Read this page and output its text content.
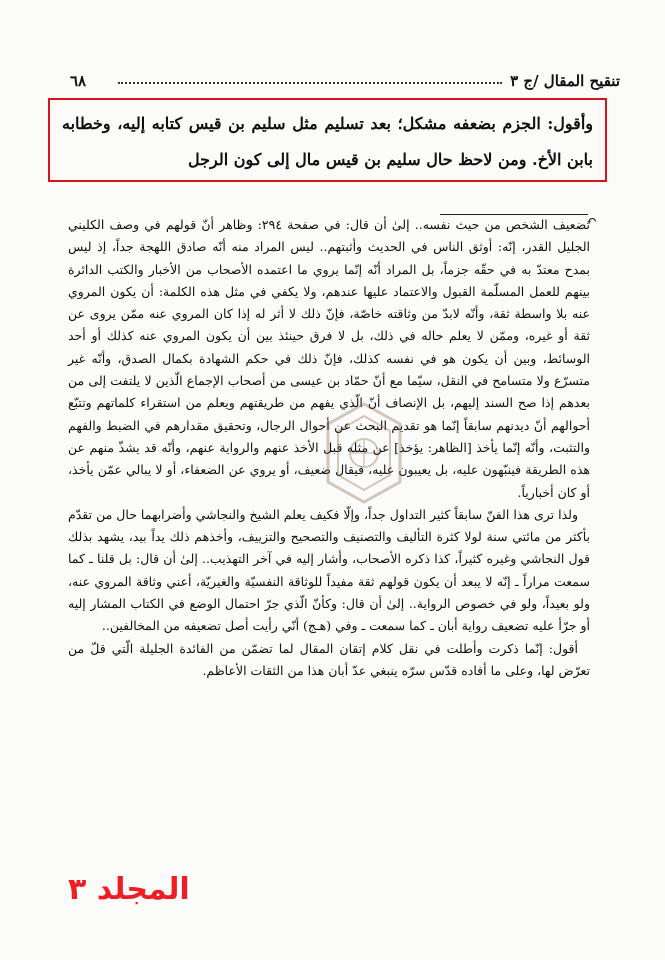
٦٨	تنقيح المقال /ج ٣
وأقول: الجزم بضعفه مشكل؛ بعد تسليم مثل سليم بن قيس كتابه إليه، وخطابه بابن الأخ. ومن لاحظ حال سليم بن قيس مال إلى كون الرجل
↶

تضعيف الشخص من حيث نفسه.. إلىٰ أن قال: في صفحة ٢٩٤: وظاهر أنّ قولهم في وصف الكليني الجليل القدر، إنّه: أوثق الناس في الحديث وأثبتهم.. ليس المراد منه أنّه صادق اللهجة جداً، إذ ليس بمدح معتدّ به في حقّه جزماً، بل المراد أنّه إنّما يروي ما اعتمده الأصحاب من الأخبار والكتب الدائرة بينهم للعمل المسلّمة القبول والاعتماد عليها عندهم، ولا يكفي في مثل هذه الكلمة: أن يكون المروي عنه بلا واسطة ثقة، وأنّه لابدّ من وثاقته خاصّة، فإنّ ذلك لا أثر له إذا كان المروي عنه ممّن يروى عن ثقة أو غيره، وممّن لا يعلم حاله في ذلك، بل لا فرق حينئذ بين أن يكون المروي عنه كذلك أو أحد الوسائط، وبين أن يكون هو في نفسه كذلك، فإنّ ذلك في حكم الشهادة بكمال الصدق، وأنّه غير متسرّع ولا متسامح في النقل، سيّما مع أنّ حمّاد بن عيسى من أصحاب الإجماع الّذين لا يلتفت إلى من بعدهم إذا صح السند إليهم، بل الإنصاف أنّ الّذي يفهم من طريقتهم ويعلم من استقراء كلماتهم وتتبّع أحوالهم أنّ ديدنهم سابقاً إنّما هو تقديم البحث عن أحوال الرجال، وتحقيق مقدارهم في الضبط والفهم والتثبت، وأنّه إنّما يأخذ [الظاهر: يؤخذ] عن مثله قبل الأخذ عنهم والرواية عنهم، وأنّه قد يشذّ منهم عن هذه الطريقة فينبّهون عليه، بل يعيبون عليه، فيقال ضعيف، أو يروي عن الضعفاء، أو لا يبالي عمّن يأخذ، أو كان أخبارياً.

ولذا ترى هذا الفنّ سابقاً كثير التداول جداً، وإلّا فكيف يعلم الشيخ والنجاشي وأضرابهما حال من تقدّم بأكثر من مائتي سنة لولا كثرة التأليف والتصنيف والتصحيح والتزييف، وأخذهم ذلك يداً بيد، يشهد بذلك قول النجاشي وغيره كثيراً، كذا ذكره الأصحاب، وأشار إليه في آخر التهذيب.. إلىٰ أن قال: بل قلنا ـ كما سمعت مراراً ـ إنّه لا يبعد أن يكون قولهم ثقة مفيداً للوثاقة النفسيّة والغيريّة، أعني وثاقة المروي عنه، ولو بعيداً، ولو في خصوص الرواية.. إلىٰ أن قال: وكأنّ الّذي جرّ احتمال الوضع في الكتاب المشار إليه أو جرّأ عليه تضعيف رواية أبان ـ كما سمعت ـ وفي (هـج) أنّي رأيت أصل تضعيفه من المخالفين..

أقول: إنّما ذكرت وأطلت في نقل كلام إتقان المقال لما تضمّن من الفائدة الجليلة الّتي قلّ من تعرّض لها، وعلى ما أفاده قدّس سرّه ينبغي عدّ أبان هذا من الثقات الأعاظم.

المجلد ٣
